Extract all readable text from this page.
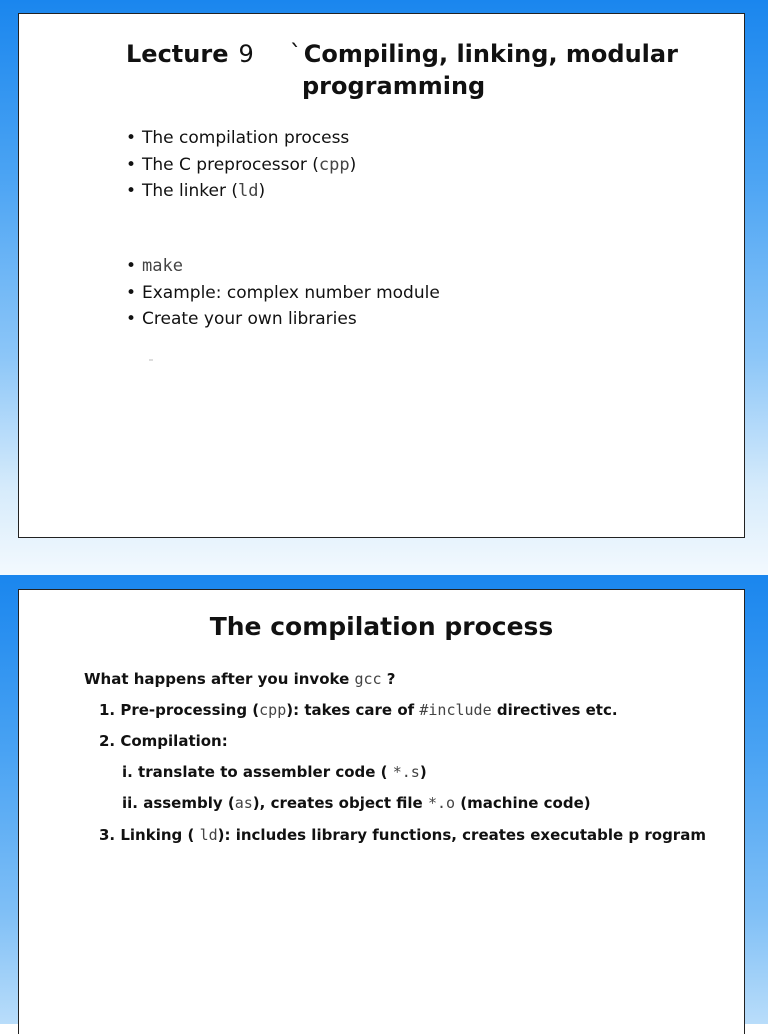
Lecture 9 `Compiling, linking, modular
programming
• The compilation process
• The C preprocessor (cpp)
• The linker (ld)
• make
• Example: complex number module
• Create your own libraries
The compilation process
What happens after you invoke gcc ?
1. Pre-processing (cpp): takes care of #include directives etc.
2. Compilation:
i. translate to assembler code ( *.s)
ii. assembly (as), creates object file *.o (machine code)
3. Linking ( ld): includes library functions, creates executable p rogram
